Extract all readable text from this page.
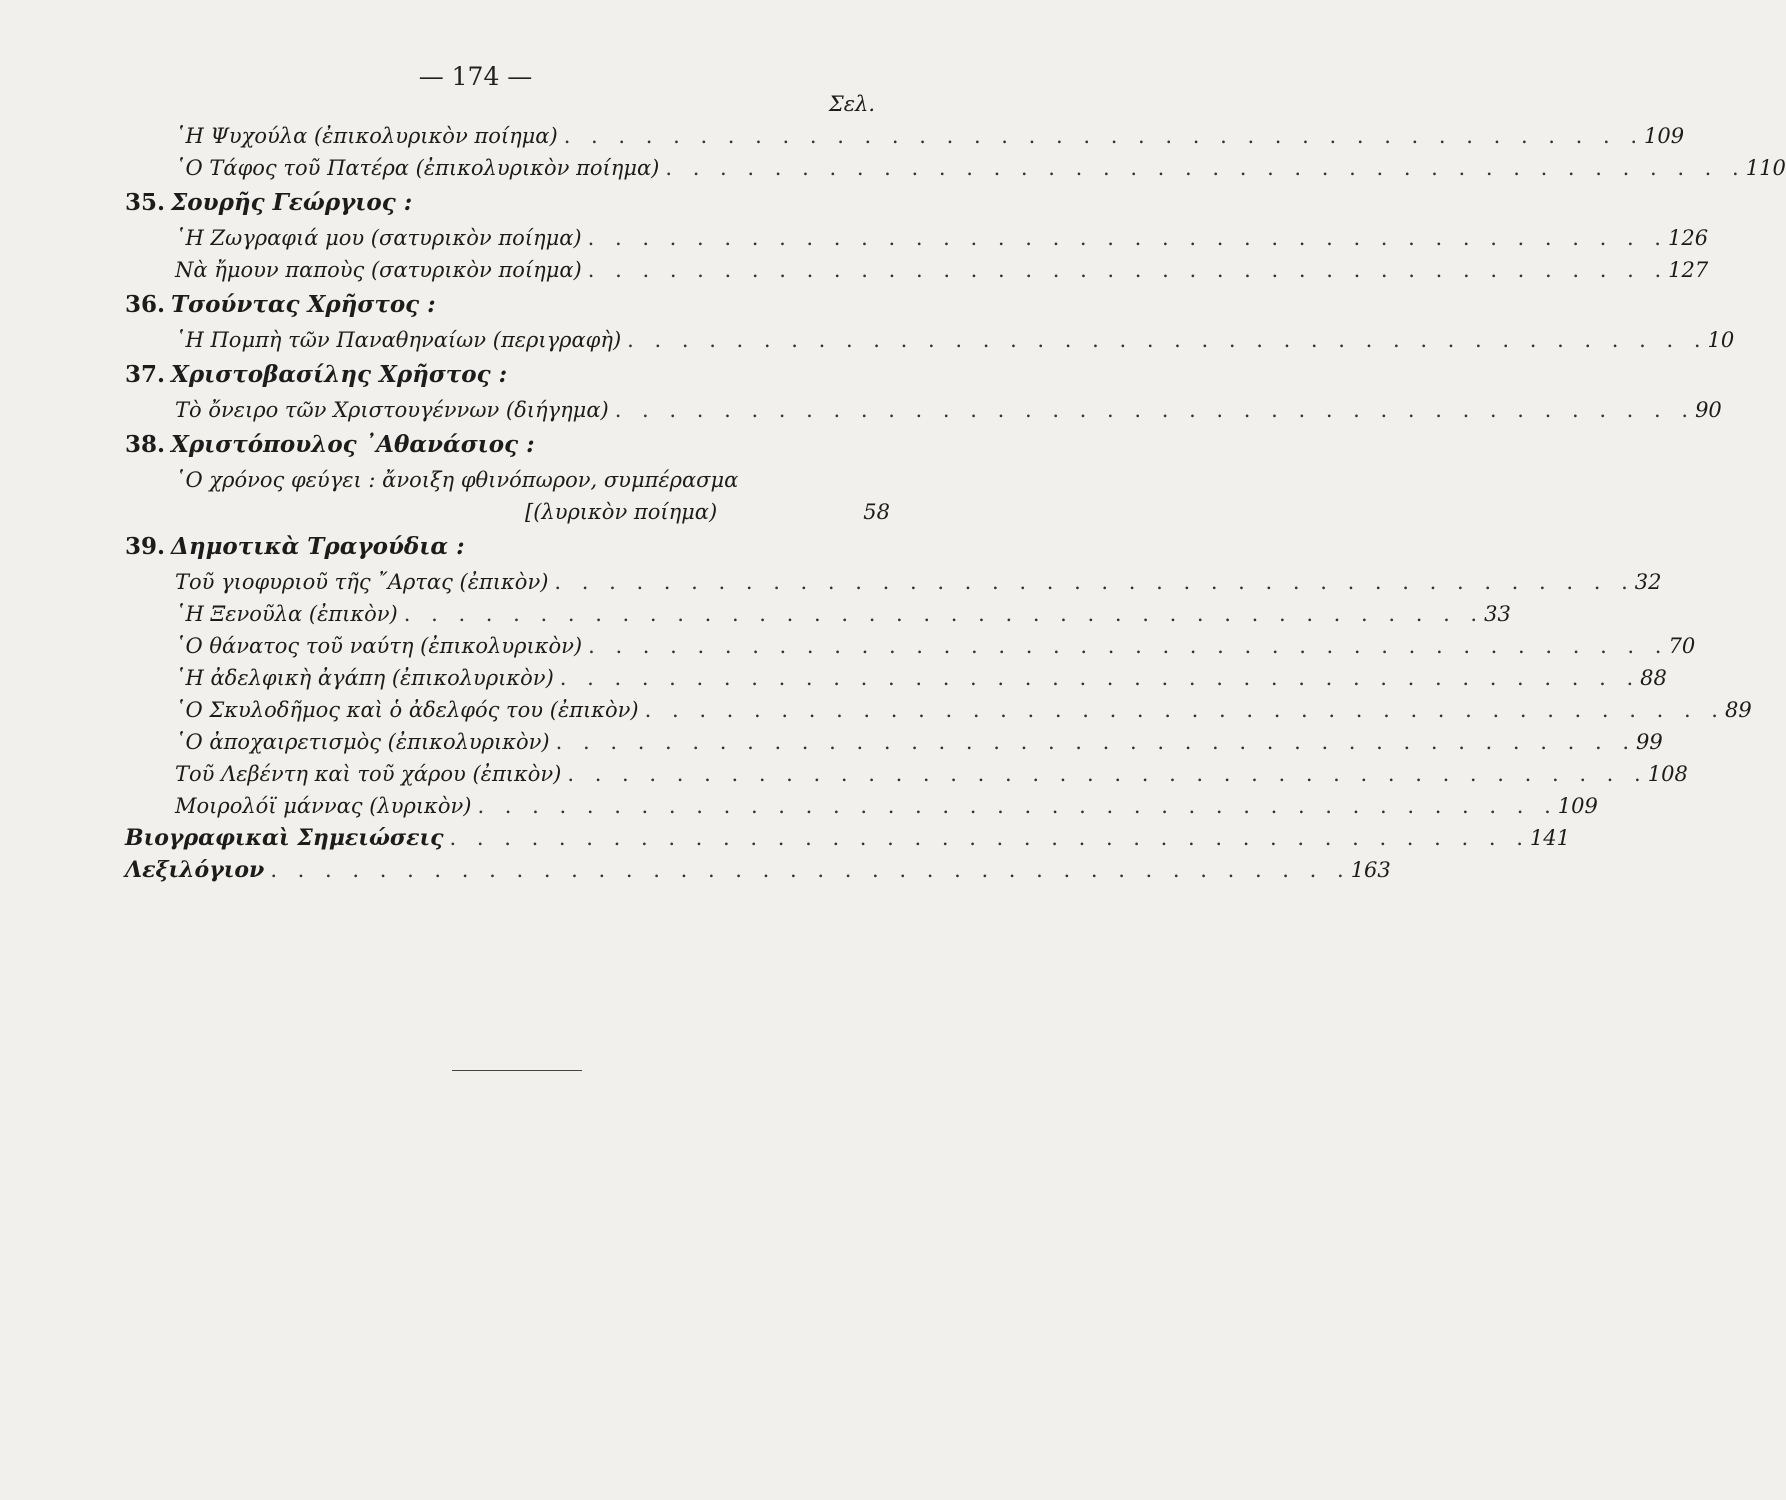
— 174 —
Σελ.
῾Η Ψυχούλα (ἐπικολυρικὸν ποίημα) . . . . . . . . . . . . . . . . . . . . . . . . . . . . . . . . . . . . . . . . 109
῾Ο Τάφος τοῦ Πατέρα (ἐπικολυρικὸν ποίημα) . . . . . . . . . . . . . . . . . . . . . . . . . . . . . . . . . . . . . . . . 110
35. Σουρῆς Γεώργιος :
῾Η Ζωγραφιά μου (σατυρικὸν ποίημα) . . . . . . . . . . . . . . . . . . . . . . . . . . . . . . . . . . . . . . . . 126
Νὰ ἤμουν παποὺς (σατυρικὸν ποίημα) . . . . . . . . . . . . . . . . . . . . . . . . . . . . . . . . . . . . . . . . 127
36. Τσούντας Χρῆστος :
῾Η Πομπὴ τῶν Παναθηναίων (περιγραφὴ) . . . . . . . . . . . . . . . . . . . . . . . . . . . . . . . . . . . . . . . . 10
37. Χριστοβασίλης Χρῆστος :
Τὸ ὄνειρο τῶν Χριστουγέννων (διήγημα) . . . . . . . . . . . . . . . . . . . . . . . . . . . . . . . . . . . . . . . . 90
38. Χριστόπουλος ᾿Αθανάσιος :
῾Ο χρόνος φεύγει : ἄνοιξη φθινόπωρον, συμπέρασμα
[(λυρικὸν ποίημα)	58
39. Δημοτικὰ Τραγούδια :
Τοῦ γιοφυριοῦ τῆς ῎Αρτας (ἐπικὸν) . . . . . . . . . . . . . . . . . . . . . . . . . . . . . . . . . . . . . . . . 32
῾Η Ξενοῦλα (ἐπικὸν) . . . . . . . . . . . . . . . . . . . . . . . . . . . . . . . . . . . . . . . . 33
῾Ο θάνατος τοῦ ναύτη (ἐπικολυρικὸν) . . . . . . . . . . . . . . . . . . . . . . . . . . . . . . . . . . . . . . . . 70
῾Η ἀδελφικὴ ἀγάπη (ἐπικολυρικὸν) . . . . . . . . . . . . . . . . . . . . . . . . . . . . . . . . . . . . . . . . 88
῾Ο Σκυλοδῆμος καὶ ὁ ἀδελφός του (ἐπικὸν) . . . . . . . . . . . . . . . . . . . . . . . . . . . . . . . . . . . . . . . . 89
῾Ο ἀποχαιρετισμὸς (ἐπικολυρικὸν) . . . . . . . . . . . . . . . . . . . . . . . . . . . . . . . . . . . . . . . . 99
Τοῦ Λεβέντη καὶ τοῦ χάρου (ἐπικὸν) . . . . . . . . . . . . . . . . . . . . . . . . . . . . . . . . . . . . . . . . 108
Μοιρολόϊ μάννας (λυρικὸν) . . . . . . . . . . . . . . . . . . . . . . . . . . . . . . . . . . . . . . . . 109
Βιογραφικαὶ Σημειώσεις . . . . . . . . . . . . . . . . . . . . . . . . . . . . . . . . . . . . . . . . 141
Λεξιλόγιον . . . . . . . . . . . . . . . . . . . . . . . . . . . . . . . . . . . . . . . . 163
